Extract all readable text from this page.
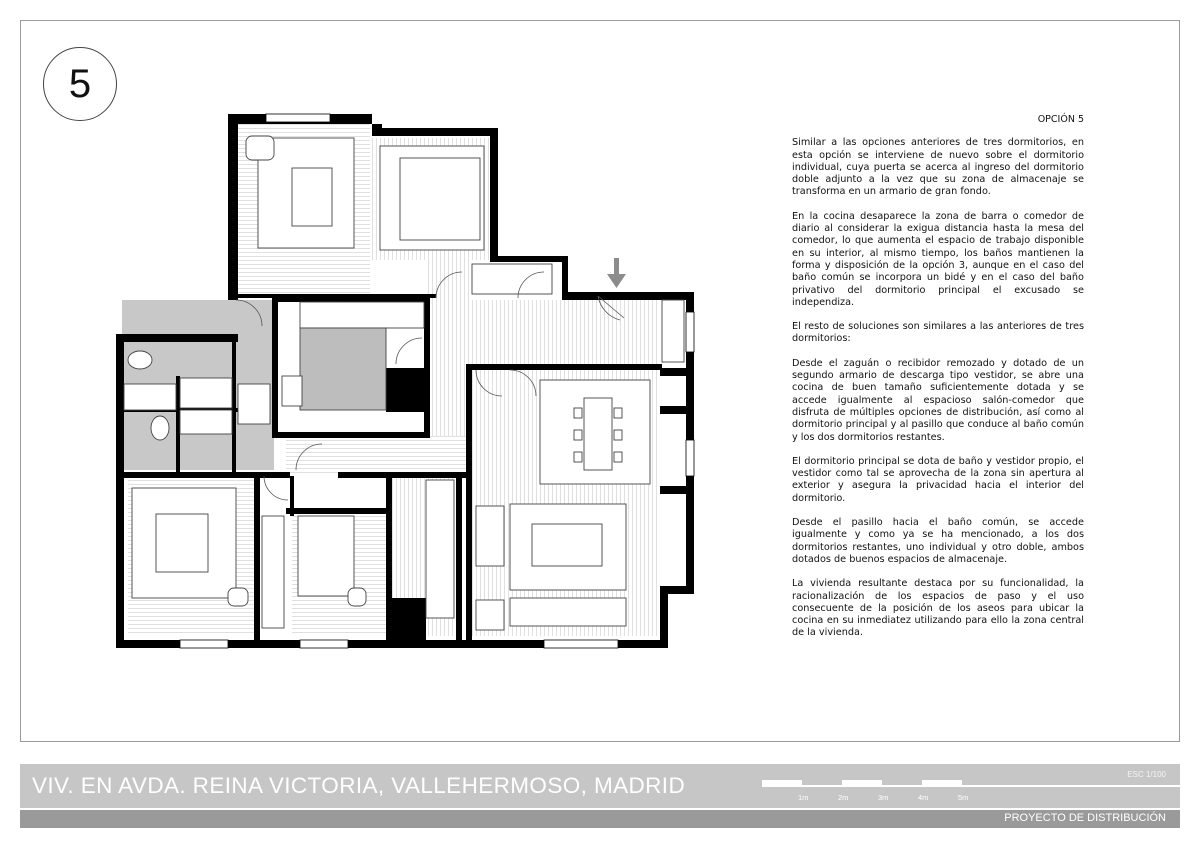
5
OPCIÓN 5

Similar a las opciones anteriores de tres dormitorios, en esta opción se interviene de nuevo sobre el dormitorio individual, cuya puerta se acerca al ingreso del dormitorio doble adjunto a la vez que su zona de almacenaje se transforma en un armario de gran fondo.

En la cocina desaparece la zona de barra o comedor de diario al considerar la exigua distancia hasta la mesa del comedor, lo que aumenta el espacio de trabajo disponible en su interior, al mismo tiempo, los baños mantienen la forma y disposición de la opción 3, aunque en el caso del baño común se incorpora un bidé y en el caso del baño privativo del dormitorio principal el excusado se independiza.

El resto de soluciones son similares a las anteriores de tres dormitorios:

Desde el zaguán o recibidor remozado y dotado de un segundo armario de descarga tipo vestidor, se abre una cocina de buen tamaño suficientemente dotada y se accede igualmente al espacioso salón-comedor que disfruta de múltiples opciones de distribución, así como al dormitorio principal y al pasillo que conduce al baño común y los dos dormitorios restantes.

El dormitorio principal se dota de baño y vestidor propio, el vestidor como tal se aprovecha de la zona sin apertura al exterior y asegura la privacidad hacia el interior del dormitorio.

Desde el pasillo hacia el baño común, se accede igualmente y como ya se ha mencionado, a los dos dormitorios restantes, uno individual y otro doble, ambos dotados de buenos espacios de almacenaje.

La vivienda resultante destaca por su funcionalidad, la racionalización de los espacios de paso y el uso consecuente de la posición de los aseos para ubicar la cocina en su inmediatez utilizando para ello la zona central de la vivienda.

VIV. EN AVDA. REINA VICTORIA, VALLEHERMOSO, MADRID	ESC 1/100
1m	2m	3m	4m	5m
PROYECTO DE DISTRIBUCIÓN
